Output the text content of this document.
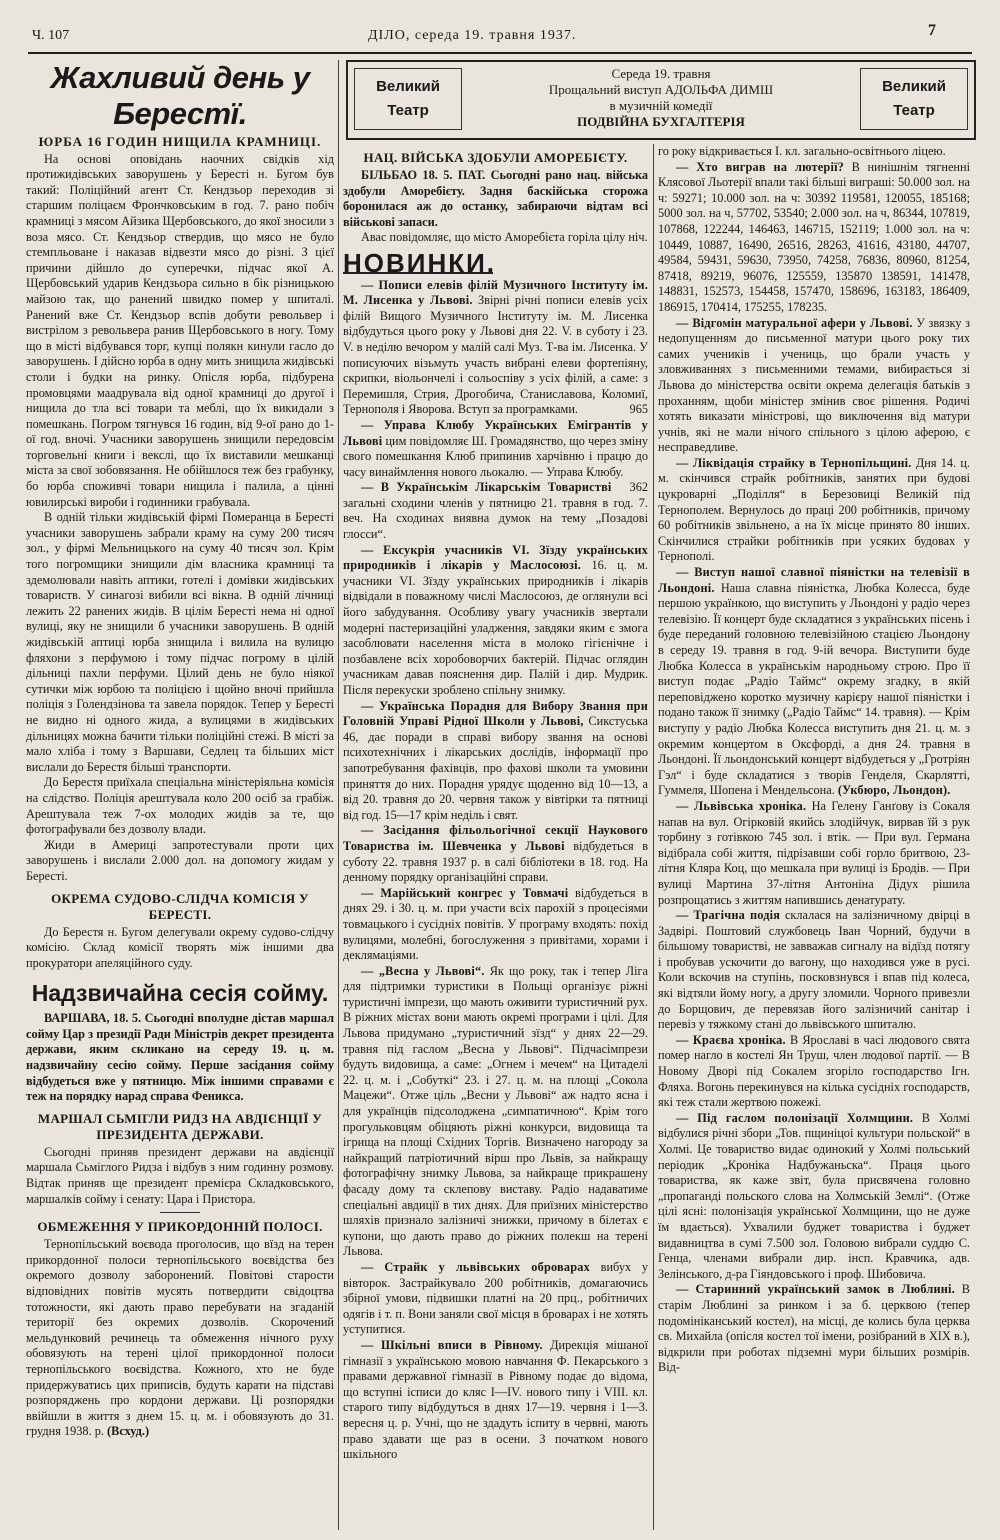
Ч. 107	ДІЛО, середа 19. травня 1937.	7
Великий
Театр
Середа 19. травня
Прощальний виступ АДОЛЬФА ДИМШ
в музичній комедії
ПОДВІЙНА БУХГАЛТЕРІЯ
Великий
Театр
Жахливий день у Берестї.
ЮРБА 16 ГОДИН НИЩИЛА КРАМНИЦІ.

На основі оповідань наочних свідків хід протижидівських заворушень у Бересті н. Бугом був такий: Поліційний агент Ст. Кендзьор переходив зі старшим поліцаєм Фрончковським в год. 7. рано побіч крамниці з мясом Айзика Щербовського, до якої зносили з воза мясо. Ст. Кендзьор ствердив, що мясо не було стемпльоване і наказав відвезти мясо до різні. З цієї причини дійшло до суперечки, підчас якої А. Щербовський ударив Кендзьора сильно в бік різницькою майзою так, що ранений швидко помер у шпиталі. Ранений вже Ст. Кендзьор вспів добути револьвер і вистрілом з револьвера ранив Щербовського в ногу. Тому що в місті відбувався торг, купці полякн кинули гасло до заворушень. І дійсно юрба в одну мить знищила жидівські столи і будки на ринку. Опісля юрба, підбурена промовцями маадрувала від одної крамниці до другої і нищила до тла всі товари та меблі, що їх викидали з помешкань. Погром тягнувся 16 годин, від 9-ої рано до 1-ої год. вночі. Учасники заворушень знищили передовсім торговельні книги і векслі, що їх виставили мешканці міста за свої зобовязання. Не обійшлося теж без грабунку, бо юрба споживчі товари нищила і палила, а цінні ювилирські вироби і годинники грабувала.

В одній тільки жидівській фірмі Померанца в Бересті учасники заворушень забрали краму на суму 200 тисяч зол., у фірмі Мельницького на суму 40 тисяч зол. Крім того погромщики знищили дім власника крамниці та здемолювали навіть аптики, готелі і домівки жидівських товариств. У синагозі вибили всі вікна. В одній лічниці лежить 22 ранених жидів. В цілім Бересті нема ні одної вулиці, яку не знищили б учасники заворушень. В одній жидівській аптиці юрба знищила і вилила на вулицю фляхони з перфумою і тому підчас погрому в цілій дільниці пахли перфуми. Цілий день не було ніякої сутички між юрбою та поліцією і щойно вночі прийшла поліція з Голендзінова та завела порядок. Тепер у Бересті не видно ні одного жида, а вулицями в жидівських дільницях можна бачити тільки поліційні стежі. В місті за мало хліба і тому з Варшави, Седлец та більших міст вислали до Берестя більші транспорти.

До Берестя приїхала спеціальна міністеріяльна комісія на слідство. Поліція арештувала коло 200 осіб за грабіж. Арештувала теж 7-ох молодих жидів за те, що фотографували без дозволу влади.

Жиди в Америці запротестували проти цих заворушень і вислали 2.000 дол. на допомогу жидам у Бересті.

ОКРЕМА СУДОВО-СЛІДЧА КОМІСІЯ У БЕРЕСТІ.

До Берестя н. Бугом делегували окрему судово-слідчу комісію. Склад комісії творять між іншими два прокуратори апеляційного суду.

Надзвичайна сесія сойму.

ВАРШАВА, 18. 5. Сьогодні вполудне дістав маршал сойму Цар з президії Ради Міністрів декрет президента держави, яким скликано на середу 19. ц. м. надзвичайну сесію сойму. Перше засідання сойму відбудеться вже у пятницю. Між іншими справами є теж на порядку нарад справа Феникса.

МАРШАЛ СЬМІГЛИ РИДЗ НА АВДІЄНЦІЇ У ПРЕЗИДЕНТА ДЕРЖАВИ.

Сьогодні приняв президент держави на авдієнції маршала Сьміглого Ридза і відбув з ним годинну розмову. Відтак приняв ще президент премієра Складковського, маршалків сойму і сенату: Цара і Пристора.

ОБМЕЖЕННЯ У ПРИКОРДОННІЙ ПОЛОСІ.

Тернопільський воєвода проголосив, що вїзд на терен прикордонної полоси тернопільського воєвідства без окремого дозволу заборонений. Повітові старости відповідних повітів мусять потвердити свідоцтва тотожности, які дають право перебувати на згаданій території без окремих дозволів. Скорочений мельдунковий речинець та обмеження нічного руху обовязують на терені цілої прикордонної полоси тернопільського воєвідства. Кожного, хто не буде придержуватись цих приписів, будуть карати на підставі розпоряджень про кордони держави. Ці розпорядки ввійшли в життя з днем 15. ц. м. і обовязують до 31. грудня 1938. р. (Всхуд.)

НАЦ. ВІЙСЬКА ЗДОБУЛИ АМОРЕБІЄТУ.

БІЛЬБАО 18. 5. ПАТ. Сьогодні рано нац. війська здобули Аморебієту. Задня баскійська сторожа боронилася аж до останку, забираючи відтам всі військові запаси.

Авас повідомляє, що місто Аморебієта горіла цілу ніч.

НОВИНКИ.

— Пописи елевів філій Музичного Інституту ім. М. Лисенка у Львові. Звірні річні пописи елевів усіх філій Вищого Музичного Інституту ім. М. Лисенка відбудуться цього року у Львові дня 22. V. в суботу і 23. V. в неділю вечором у малій салі Муз. Т-ва ім. Лисенка. У пописуючих візьмуть участь вибрані елеви фортепіяну, скрипки, віольончелі і сольоспіву з усіх філій, а саме: з Перемишля, Стрия, Дрогобича, Станиславова, Коломиї, Тернополя і Яворова. Вступ за програмками.	965

— Управа Клюбу Українських Емігрантів у Львові цим повідомляє Ш. Громадянство, що через зміну свого помешкання Клюб припинив харчівню і працю до часу винаймлення нового льокалю. — Управа Клюбу.
362

— В Українськім Лікарськім Товаристві загальні сходини членів у пятницю 21. травня в год. 7. веч. На сходинах виявна думок на тему „Позадові глосси“.

— Ексукрія учасників VI. Зїзду українських природників і лікарів у Маслосоюзі. 16. ц. м. учасники VI. Зїзду українських природників і лікарів відвідали в поважному числі Маслосоюз, де оглянули всі його забудування. Особливу увагу учасників звертали модерні пастеризаційні уладження, завдяки яким є змога засоблювати населення міста в молоко гігієнічне і позбавлене всіх хоробоворчих бактерій. Підчас оглядин учасникам давав пояснення дир. Палій і дир. Мудрик. Після перекуски зроблено спільну знимку.

— Українська Порадня для Вибору Звання при Головній Управі Рідної Школи у Львові, Сикстуська 46, дає поради в справі вибору звання на основі психотехнічних і лікарських дослідів, інформації про запотребування фахівців, про фахові школи та умовини приняття до них. Порадня урядує щоденно від 10—13, а від 20. травня до 20. червня також у вівтірки та пятниці від год. 15—17 крім неділь і свят.

— Засідання фільольогічної секції Наукового Товариства ім. Шевченка у Львові відбудеться в суботу 22. травня 1937 р. в салі бібліотеки в 18. год. На денному порядку організаційні справи.

— Марійський конгрес у Товмачі відбудеться в днях 29. і 30. ц. м. при участи всіх парохій з процесіями товмацького і сусідніх повітів. У програму входять: похід вулицями, молебні, богослуження з привітами, хорами і деклямаціями.

— „Весна у Львові“. Як що року, так і тепер Ліга для підтримки туристики в Польщі організує ріжні туристичні імпрези, що мають оживити туристичний рух. В ріжних містах вони мають окремі програми і цілі. Для Львова придумано „туристичний зїзд“ у днях 22—29. травня під гаслом „Весна у Львові“. Підчасімпрези будуть видовища, а саме: „Огнем і мечем“ на Цитаделі 22. ц. м. і „Собуткі“ 23. і 27. ц. м. на площі „Сокола Мацежи“. Отже ціль „Весни у Львові“ аж надто ясна і для українців підсолоджена „симпатичною“. Крім того прогульковцям обіцяють ріжні конкурси, видовища та ігрища на площі Східних Торгів. Визначено нагороду за найкращий патріотичний вірш про Львів, за найкращу фотографічну знимку Львова, за найкраще прикрашену фасаду дому та склепову виставу. Радіо надаватиме спеціальні авдиції в тих днях. Для приїзних міністерство шляхів признало залізничі знижки, причому в білетах є купони, що дають право до ріжних полекш на терені Львова.

— Страйк у львівських оброварах вибух у вівторок. Застрайкувало 200 робітників, домагаючись збірної умови, підвишки платні на 20 прц., робітничих одягів і т. п. Вони заняли свої місця в броварах і не хотять уступитися.

— Шкільні вписи в Рівному. Дирекція мішаної гімназії з українською мовою навчання Ф. Пекарського з правами державної гімназії в Рівному подає до відома, що вступні ісписи до кляс I—IV. нового типу і VIII. кл. старого типу відбудуться в днях 17—19. червня і 1—3. вересня ц. р. Учні, що не здадуть іспиту в червні, мають право здавати ще раз в осени. З початком нового шкільного

го року відкривається І. кл. загально-освітнього ліцею.

— Хто виграв на лютерії? В нинішнім тягненні Клясової Льотерії впали такі більші виграші: 50.000 зол. на ч: 59271; 10.000 зол. на ч: 30392 119581, 120055, 185168; 5000 зол. на ч, 57702, 53540; 2.000 зол. на ч, 86344, 107819, 107868, 122244, 146463, 146715, 152119; 1.000 зол. на ч: 10449, 10887, 16490, 26516, 28263, 41616, 43180, 44707, 49584, 59431, 59630, 73950, 74258, 76836, 80960, 81254, 87418, 89219, 96076, 125559, 135870 138591, 141478, 148831, 152573, 154458, 157470, 158696, 163183, 186409, 186915, 170414, 175255, 178235.

— Відгомін матуральної афери у Львові. У звязку з недопущенням до письменної матури цього року тих самих учеників і учениць, що брали участь у зловживаннях з письменними темами, вибирається зі Львова до міністерства освіти окрема делегація батьків з проханням, щоби міністер змінив своє рішення. Родичі хотять виказати міністрові, що виключення від матури учнів, які не мали нічого спільного з цілою аферою, є несправедливе.

— Ліквідація страйку в Тернопільщині. Дня 14. ц. м. скінчився страйк робітників, занятих при будові цукроварні „Поділля“ в Березовиці Великій під Тернополем. Вернулось до праці 200 робітників, причому 60 робітників звільнено, а на їх місце принято 80 інших. Скінчилися страйки робітників при усяких будовах у Тернополі.

— Виступ нашої славної піяністки на телевізії в Льондоні. Наша славна піяністка, Любка Колесса, буде першою українкою, що виступить у Льондоні у радіо через телевізію. Її концерт буде складатися з українських пісень і буде переданий головною телевізійною стацією Льондону в середу 19. травня в год. 9-ій вечора. Виступити буде Любка Колесса в українськім народньому строю. Про її виступ подає „Радіо Таймс“ окрему згадку, в якій переповіджено коротко музичну карієру нашої піяністки і подано також її знимку („Радіо Таймс“ 14. травня). — Крім виступу у радіо Любка Колесса виступить дня 21. ц. м. з окремим концертом в Оксфорді, а дня 24. травня в Льондоні. Її льондонський концерт відбудеться у „Гротріян Гэл“ і буде складатися з творів Генделя, Скарлятті, Гуммеля, Шопена і Мендельсона. (Укбюро, Льондон).

— Львівська хроніка. На Гелену Ганґову із Сокаля напав на вул. Огірковій якийсь злодійчук, вирвав їй з рук торбину з готівкою 745 зол. і втік. — При вул. Германа відібрала собі життя, підрізавши собі горло бритвою, 23-літня Кляра Коц, що мешкала при вулиці із Бродів. — При вулиці Мартина 37-літня Антоніна Дідух рішила розпрощатись з життям напившись денатурату.

— Трагічна подія склалася на залізничному двірці в Задвірі. Поштовий службовець Іван Чорний, будучи в більшому товаристві, не завважав сигналу на відїзд потягу і пробував ускочити до вагону, що находився уже в русі. Коли вскочив на ступінь, посковзнувся і впав під колеса, які відтяли йому ногу, а другу зломили. Чорного привезли до Борщович, де перевязав його залізничий санітар і перевіз у тяжкому стані до львівського шпиталю.

— Краєва хроніка. В Ярославі в часі людового свята помер нагло в костелі Ян Труш, член людової партії. — В Новому Дворі під Сокалем згоріло господарство Ігн. Фляха. Вогонь перекинувся на кілька сусідніх господарств, які теж стали жертвою пожежі.

— Під гаслом полонізації Холмщини. В Холмі відбулися річні збори „Тов. пщиніцоі культури польской“ в Холмі. Це товариство видає одинокий у Холмі польський періодик „Кроніка Надбужаньска“. Праця цього товариства, як каже звіт, була присвячена головно „пропаганді польского слова на Холмській Землі“. (Отже цілі ясні: полонізація української Холмщини, що не дуже їм вдається). Ухвалили буджет товариства і буджет видавництва в сумі 7.500 зол. Головою вибрали суддю С. Генца, членами вибрали дир. інсп. Кравчика, адв. Зелінського, д-ра Гіяндовського і проф. Шибовича.

— Старинний український замок в Люблині. В старім Люблині за ринком і за б. церквою (тепер подомініканський костел), на місці, де колись була церква св. Михайла (опісля костел тої імени, розібраний в XIX в.), відкрили при роботах підземні мури більших розмірів. Від-
